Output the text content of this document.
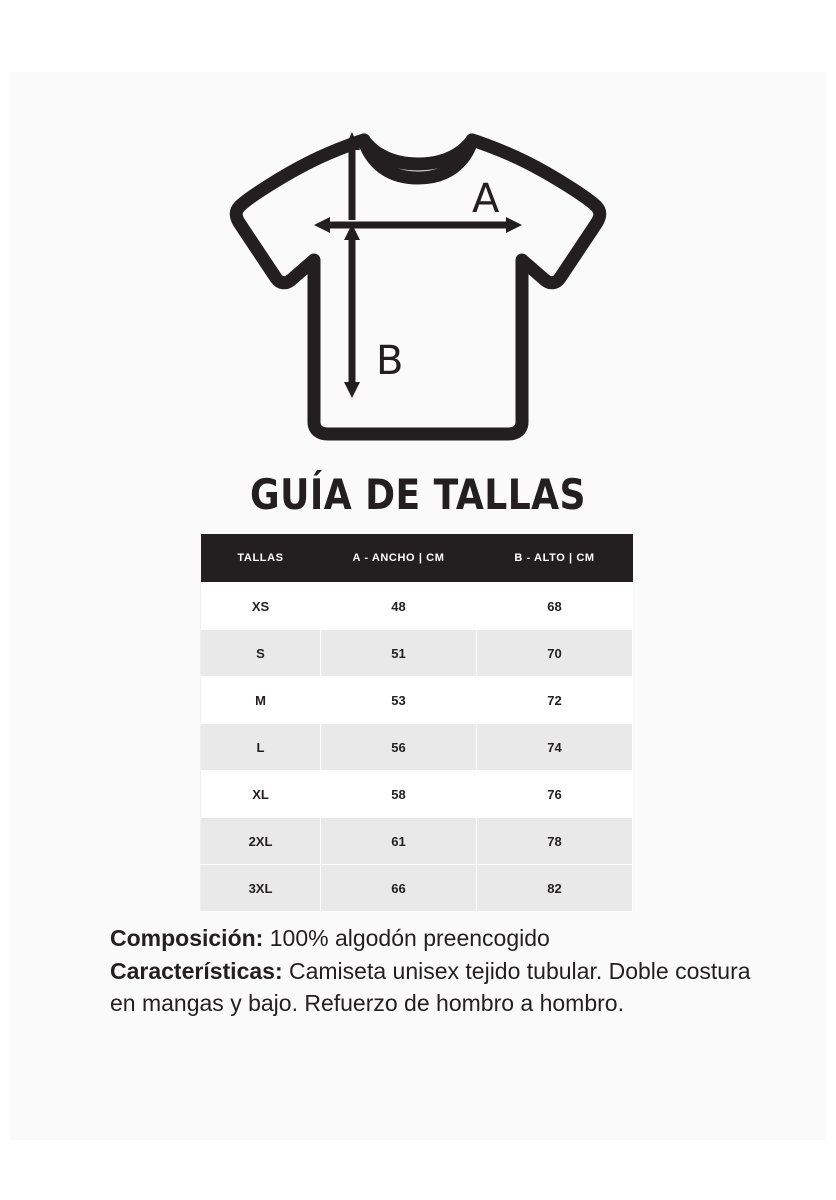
A
B
GUÍA DE TALLAS
TALLAS	A - ANCHO | CM	B - ALTO | CM
XS	48	68
S	51	70
M	53	72
L	56	74
XL	58	76
2XL	61	78
3XL	66	82
Composición: 100% algodón preencogido
Características: Camiseta unisex tejido tubular. Doble costura en mangas y bajo. Refuerzo de hombro a hombro.
